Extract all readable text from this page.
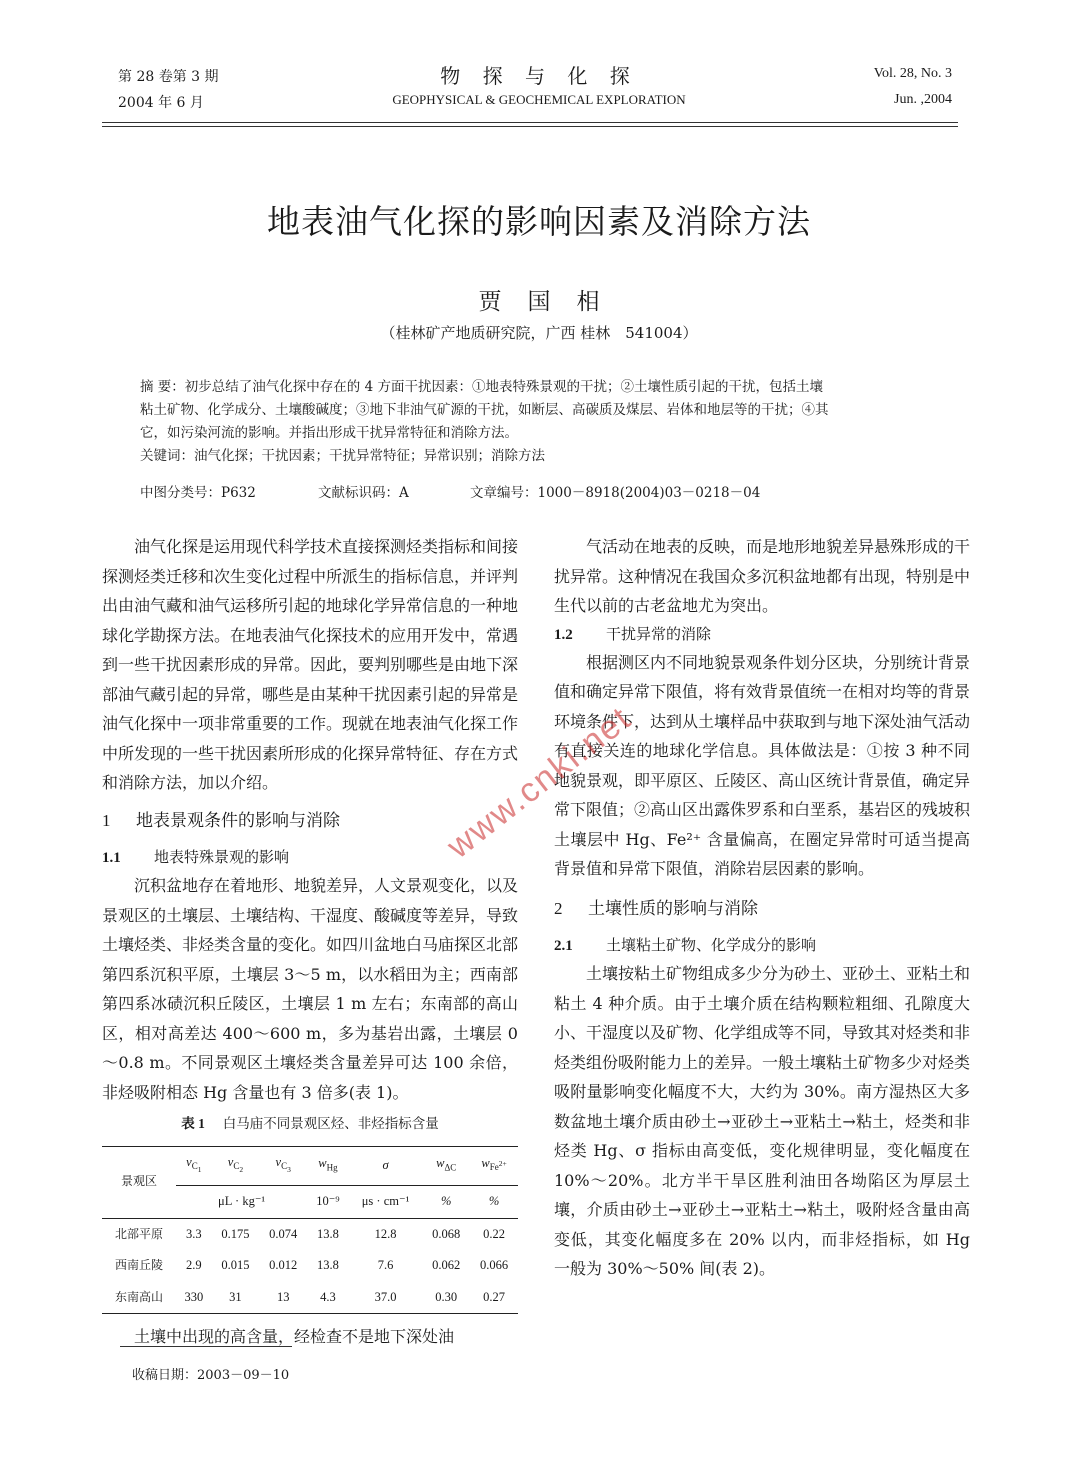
第 28 卷第 3 期
2004 年 6 月
物 探 与 化 探
GEOPHYSICAL & GEOCHEMICAL EXPLORATION
Vol. 28, No. 3
Jun. ,2004
地表油气化探的影响因素及消除方法
贾国相
（桂林矿产地质研究院，广西 桂林　541004）

摘 要：初步总结了油气化探中存在的 4 方面干扰因素：①地表特殊景观的干扰；②土壤性质引起的干扰，包括土壤

粘土矿物、化学成分、土壤酸碱度；③地下非油气矿源的干扰，如断层、高碳质及煤层、岩体和地层等的干扰；④其

它，如污染河流的影响。并指出形成干扰异常特征和消除方法。

关键词：油气化探；干扰因素；干扰异常特征；异常识别；消除方法

中图分类号：P632	文献标识码：A	文章编号：1000－8918(2004)03－0218－04

油气化探是运用现代科学技术直接探测烃类指标和间接探测烃类迁移和次生变化过程中所派生的指标信息，并评判出由油气藏和油气运移所引起的地球化学异常信息的一种地球化学勘探方法。在地表油气化探技术的应用开发中，常遇到一些干扰因素形成的异常。因此，要判别哪些是由地下深部油气藏引起的异常，哪些是由某种干扰因素引起的异常是油气化探中一项非常重要的工作。现就在地表油气化探工作中所发现的一些干扰因素所形成的化探异常特征、存在方式和消除方法，加以介绍。

1 地表景观条件的影响与消除

1.1 地表特殊景观的影响

沉积盆地存在着地形、地貌差异，人文景观变化，以及景观区的土壤层、土壤结构、干湿度、酸碱度等差异，导致土壤烃类、非烃类含量的变化。如四川盆地白马庙探区北部第四系沉积平原，土壤层 3～5 m，以水稻田为主；西南部第四系冰碛沉积丘陵区，土壤层 1 m 左右；东南部的高山区，相对高差达 400～600 m，多为基岩出露，土壤层 0～0.8 m。不同景观区土壤烃类含量差异可达 100 余倍，非烃吸附相态 Hg 含量也有 3 倍多(表 1)。

表 1　 白马庙不同景观区烃、非烃指标含量
景观区	$v_{C_1}$	$v_{C_2}$	$v_{C_3}$	$w_{Hg}$	σ	$w_{\Delta C}$	$w_{Fe^{2+}}$
	μL · kg⁻¹			10⁻⁹	μs · cm⁻¹	%	%
北部平原	3.3	0.175	0.074	13.8	12.8	0.068	0.22
西南丘陵	2.9	0.015	0.012	13.8	7.6	0.062	0.066
东南高山	330	31	13	4.3	37.0	0.30	0.27

土壤中出现的高含量，经检查不是地下深处油

气活动在地表的反映，而是地形地貌差异悬殊形成的干扰异常。这种情况在我国众多沉积盆地都有出现，特别是中生代以前的古老盆地尤为突出。

1.2 干扰异常的消除

根据测区内不同地貌景观条件划分区块，分别统计背景值和确定异常下限值，将有效背景值统一在相对均等的背景环境条件下，达到从土壤样品中获取到与地下深处油气活动有直接关连的地球化学信息。具体做法是：①按 3 种不同地貌景观，即平原区、丘陵区、高山区统计背景值，确定异常下限值；②高山区出露侏罗系和白垩系，基岩区的残坡积土壤层中 Hg、Fe²⁺ 含量偏高，在圈定异常时可适当提高背景值和异常下限值，消除岩层因素的影响。

2 土壤性质的影响与消除

2.1 土壤粘土矿物、化学成分的影响

土壤按粘土矿物组成多少分为砂土、亚砂土、亚粘土和粘土 4 种介质。由于土壤介质在结构颗粒粗细、孔隙度大小、干湿度以及矿物、化学组成等不同，导致其对烃类和非烃类组份吸附能力上的差异。一般土壤粘土矿物多少对烃类吸附量影响变化幅度不大，大约为 30%。南方湿热区大多数盆地土壤介质由砂土→亚砂土→亚粘土→粘土，烃类和非烃类 Hg、σ 指标由高变低，变化规律明显，变化幅度在 10%～20%。北方半干旱区胜利油田各坳陷区为厚层土壤，介质由砂土→亚砂土→亚粘土→粘土，吸附烃含量由高变低，其变化幅度多在 20% 以内，而非烃指标，如 Hg 一般为 30%～50% 间(表 2)。

www.cnki.net
收稿日期：2003－09－10
